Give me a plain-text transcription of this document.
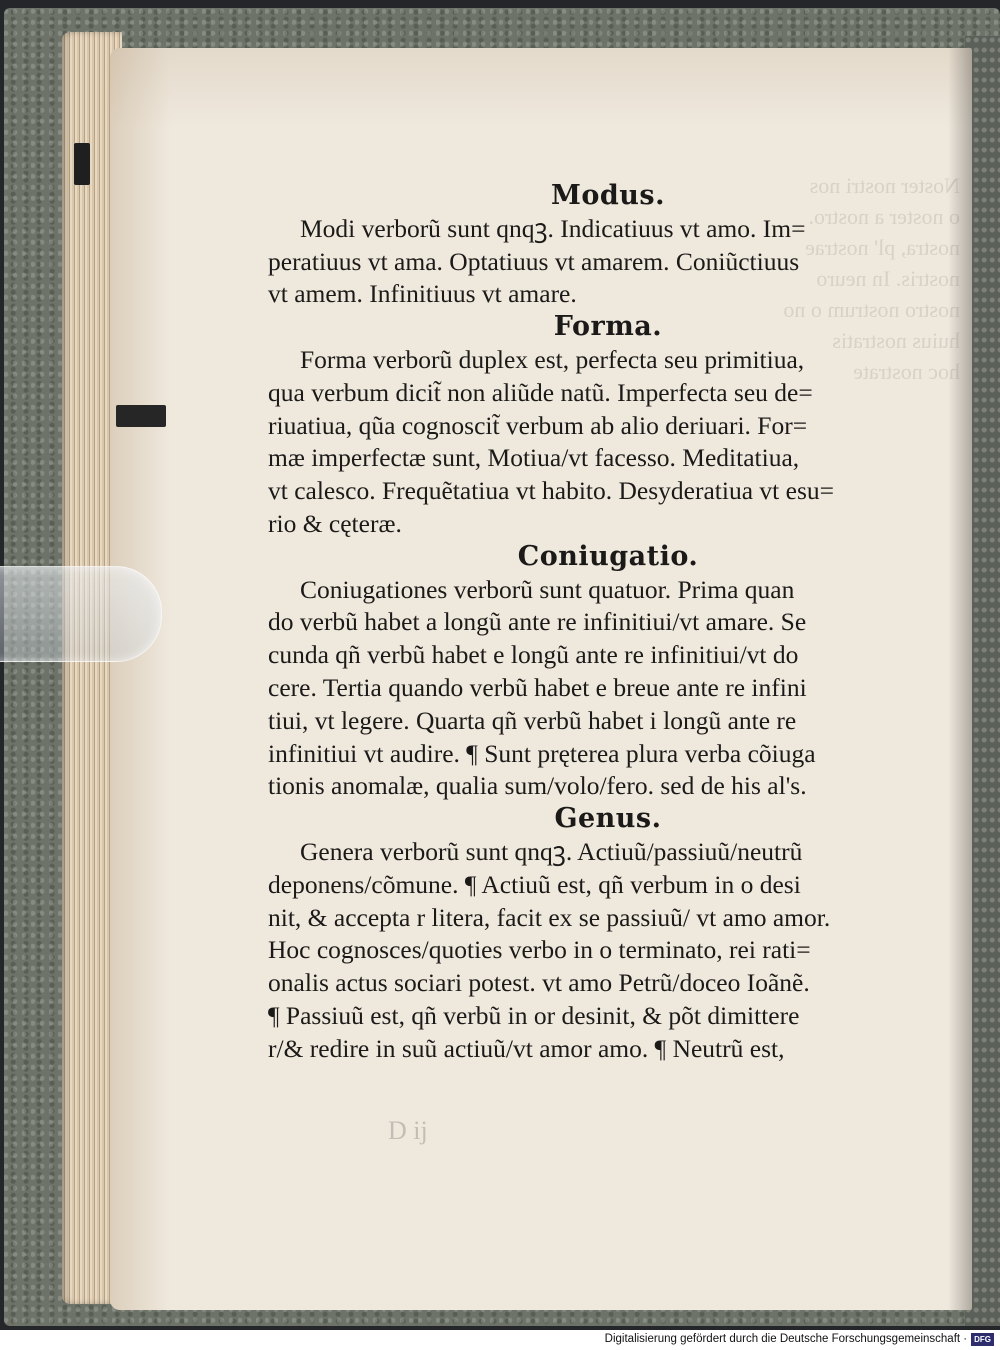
Noster nostri nos
o noster a nostro.
nostra, pl' nostrae
nostris. In neuro
nostro nostrum o no
huius nostratis
hoc nostrate
Modus.
Modi verborũ sunt qnqꝫ. Indicatiuus vt amo. Im=
peratiuus vt ama. Optatiuus vt amarem. Coniũctiuus
vt amem. Infinitiuus vt amare.
Forma.
Forma verborũ duplex est, perfecta seu primitiua,
qua verbum dicit̃ non aliũde natũ. Imperfecta seu de=
riuatiua, qũa cognoscit̃ verbum ab alio deriuari. For=
mæ imperfectæ sunt, Motiua/vt facesso. Meditatiua,
vt calesco. Frequẽtatiua vt habito. Desyderatiua vt esu=
rio & cęteræ.
Coniugatio.
Coniugationes verborũ sunt quatuor. Prima quan
do verbũ habet a longũ ante re infinitiui/vt amare. Se
cunda qñ verbũ habet e longũ ante re infinitiui/vt do
cere. Tertia quando verbũ habet e breue ante re infini
tiui, vt legere. Quarta qñ verbũ habet i longũ ante re
infinitiui vt audire. ¶ Sunt pręterea plura verba cõiuga
tionis anomalæ, qualia sum/volo/fero. sed de his al's.
Genus.
Genera verborũ sunt qnqꝫ. Actiuũ/passiuũ/neutrũ
deponens/cõmune. ¶ Actiuũ est, qñ verbum in o desi
nit, & accepta r litera, facit ex se passiuũ/ vt amo amor.
Hoc cognosces/quoties verbo in o terminato, rei rati=
onalis actus sociari potest. vt amo Petrũ/doceo Ioãnẽ.
¶ Passiuũ est, qñ verbũ in or desinit, & põt dimittere
r/& redire in suũ actiuũ/vt amor amo. ¶ Neutrũ est,
D ij
Digitalisierung gefördert durch die Deutsche Forschungsgemeinschaft · DFG
